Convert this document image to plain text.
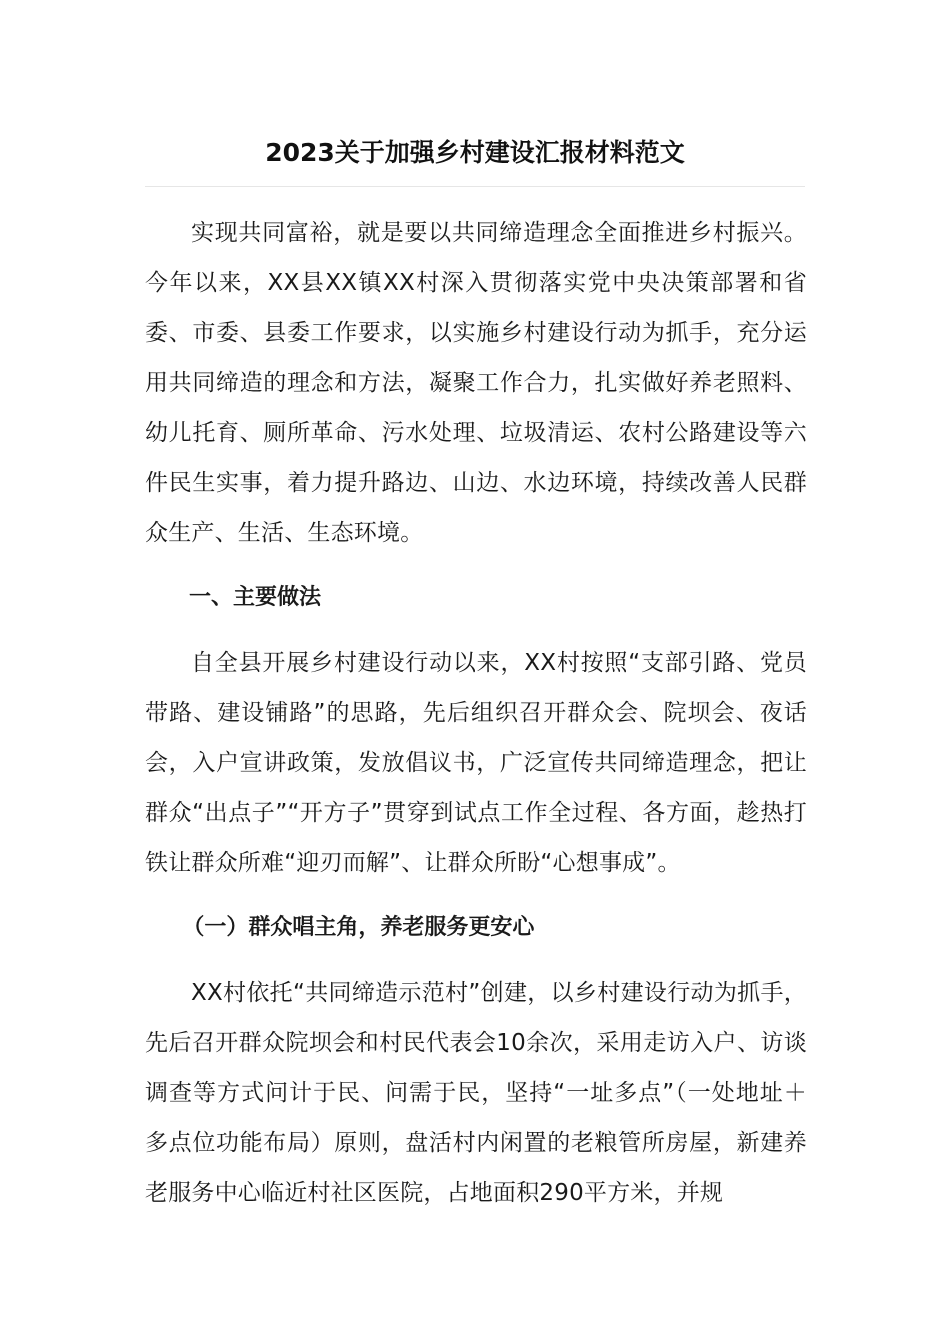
2023关于加强乡村建设汇报材料范文

实现共同富裕，就是要以共同缔造理念全面推进乡村振兴。今年以来，XX县XX镇XX村深入贯彻落实党中央决策部署和省委、市委、县委工作要求，以实施乡村建设行动为抓手，充分运用共同缔造的理念和方法，凝聚工作合力，扎实做好养老照料、幼儿托育、厕所革命、污水处理、垃圾清运、农村公路建设等六件民生实事，着力提升路边、山边、水边环境，持续改善人民群众生产、生活、生态环境。

一、主要做法

自全县开展乡村建设行动以来，XX村按照“支部引路、党员带路、建设铺路”的思路，先后组织召开群众会、院坝会、夜话会，入户宣讲政策，发放倡议书，广泛宣传共同缔造理念，把让群众“出点子”“开方子”贯穿到试点工作全过程、各方面，趁热打铁让群众所难“迎刃而解”、让群众所盼“心想事成”。

（一）群众唱主角，养老服务更安心

XX村依托“共同缔造示范村”创建，以乡村建设行动为抓手，先后召开群众院坝会和村民代表会10余次，采用走访入户、访谈调查等方式问计于民、问需于民，坚持“一址多点”（一处地址＋多点位功能布局）原则，盘活村内闲置的老粮管所房屋，新建养老服务中心临近村社区医院，占地面积290平方米，并规
